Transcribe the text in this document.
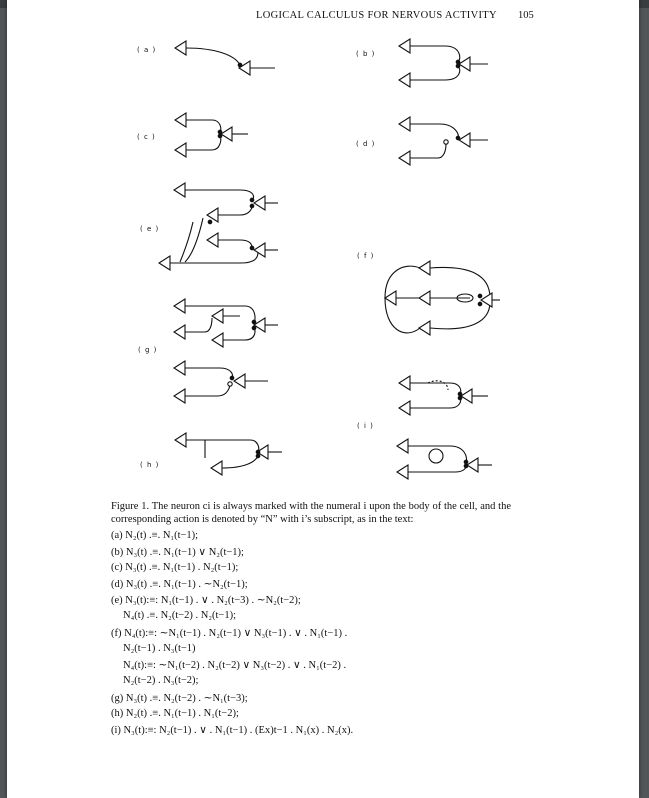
LOGICAL CALCULUS FOR NERVOUS ACTIVITY 105
( a )	( b )
( c )
( d )
( e )
( f )
( g )
( i )
( h )
Figure 1. The neuron ci is always marked with the numeral i upon the body of the cell, and the corresponding action is denoted by “N” with i’s subscript, as in the text:
(a) N₂(t) .≡. N₁(t−1);
(b) N₃(t) .≡. N₁(t−1) ∨ N₂(t−1);
(c) N₃(t) .≡. N₁(t−1) . N₂(t−1);
(d) N₃(t) .≡. N₁(t−1) . ∼N₂(t−1);
(e) N₃(t):≡: N₁(t−1) . ∨ . N₂(t−3) . ∼N₂(t−2);
N₄(t) .≡. N₂(t−2) . N₂(t−1);
(f) N₄(t):≡: ∼N₁(t−1) . N₂(t−1) ∨ N₃(t−1) . ∨ . N₁(t−1) .
N₂(t−1) . N₃(t−1)
N₄(t):≡: ∼N₁(t−2) . N₂(t−2) ∨ N₃(t−2) . ∨ . N₁(t−2) .
N₂(t−2) . N₃(t−2);
(g) N₃(t) .≡. N₂(t−2) . ∼N₁(t−3);
(h) N₂(t) .≡. N₁(t−1) . N₁(t−2);
(i) N₃(t):≡: N₂(t−1) . ∨ . N₁(t−1) . (Ex)t−1 . N₁(x) . N₂(x).
